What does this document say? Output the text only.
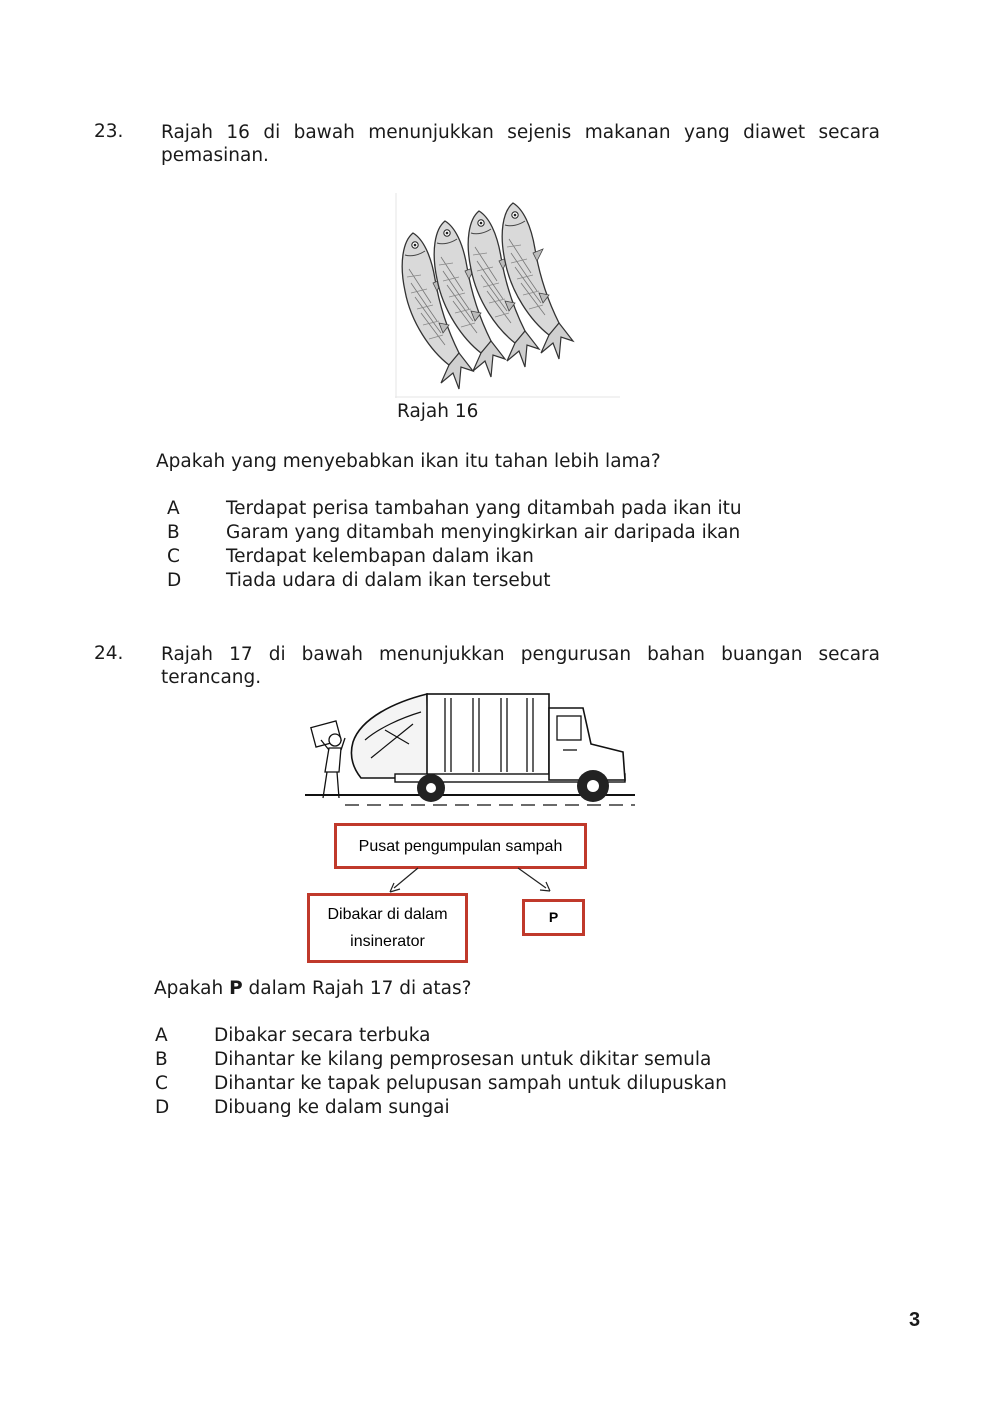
23. Rajah 16 di bawah menunjukkan sejenis makanan yang diawet secara pemasinan.
Rajah 16
Apakah yang menyebabkan ikan itu tahan lebih lama?
A	Terdapat perisa tambahan yang ditambah pada ikan itu
B	Garam yang ditambah menyingkirkan air daripada ikan
C Terdapat kelembapan dalam ikan
D Tiada udara di dalam ikan tersebut
24. Rajah 17 di bawah menunjukkan pengurusan bahan buangan secara terancang.
Pusat pengumpulan sampah
Dibakar di dalam insinerator
P
Apakah P dalam Rajah 17 di atas?
A	Dibakar secara terbuka
B	Dihantar ke kilang pemprosesan untuk dikitar semula
C Dihantar ke tapak pelupusan sampah untuk dilupuskan
D Dibuang ke dalam sungai
3
